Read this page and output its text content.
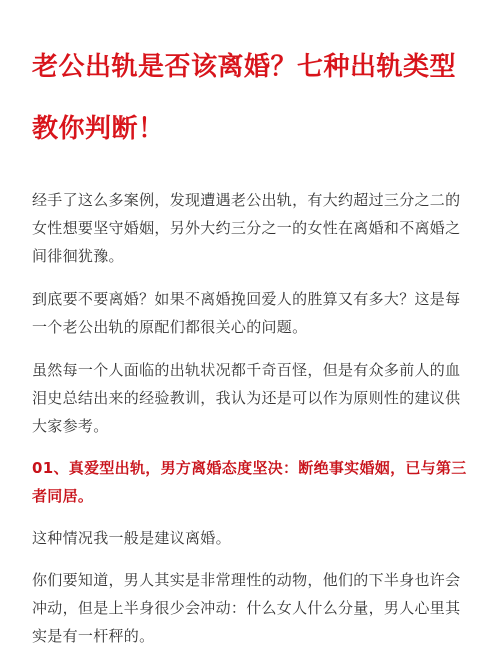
老公出轨是否该离婚？七种出轨类型教你判断！

经手了这么多案例，发现遭遇老公出轨，有大约超过三分之二的女性想要坚守婚姻，另外大约三分之一的女性在离婚和不离婚之间徘徊犹豫。

到底要不要离婚？如果不离婚挽回爱人的胜算又有多大？这是每一个老公出轨的原配们都很关心的问题。

虽然每一个人面临的出轨状况都千奇百怪，但是有众多前人的血泪史总结出来的经验教训，我认为还是可以作为原则性的建议供大家参考。

01、真爱型出轨，男方离婚态度坚决：断绝事实婚姻，已与第三者同居。

这种情况我一般是建议离婚。

你们要知道，男人其实是非常理性的动物，他们的下半身也许会冲动，但是上半身很少会冲动：什么女人什么分量，男人心里其实是有一杆秤的。
